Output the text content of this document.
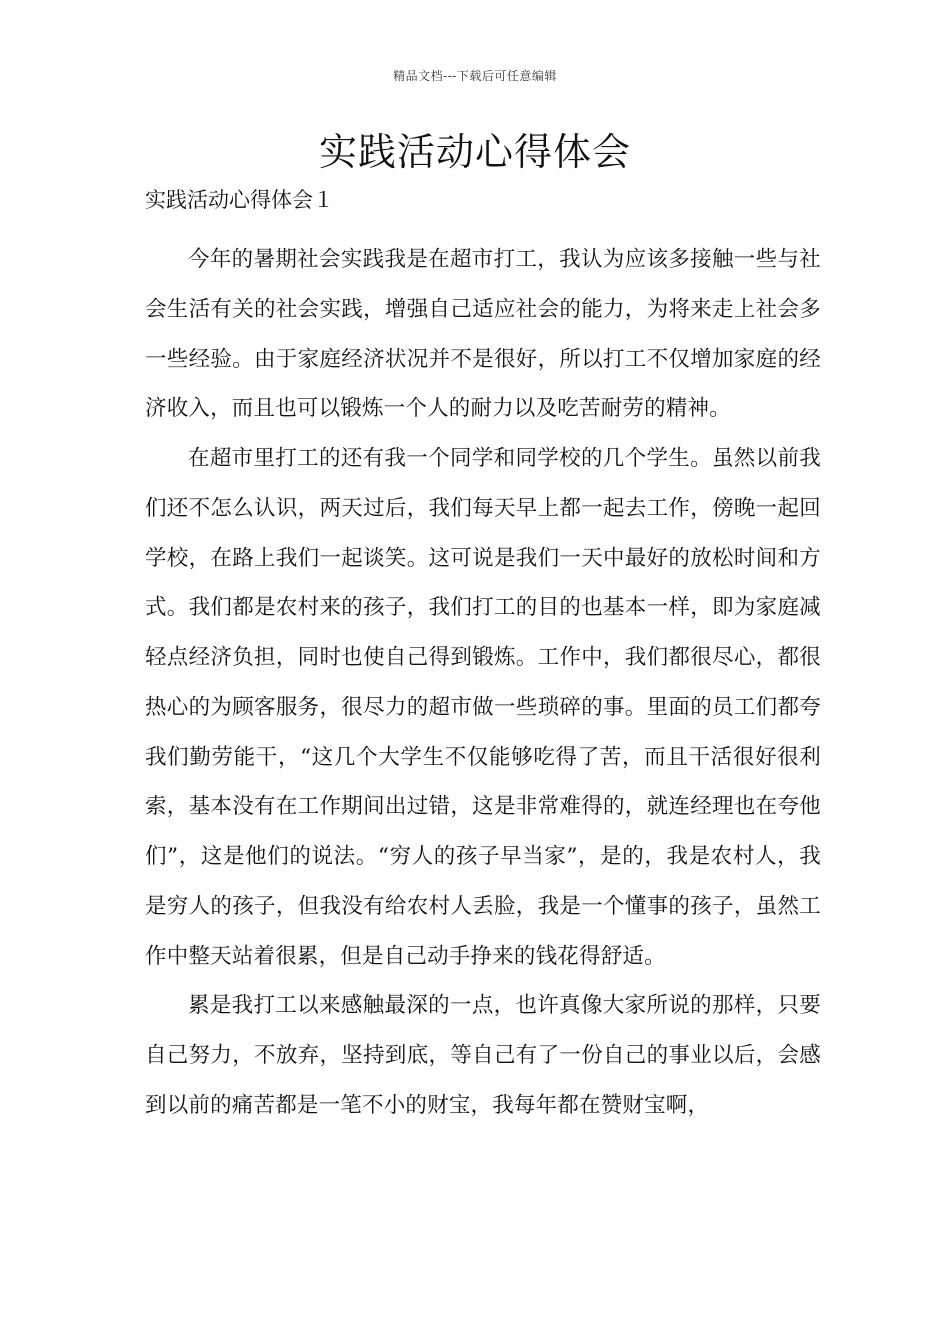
精品文档---下载后可任意编辑
实践活动心得体会
实践活动心得体会１

今年的暑期社会实践我是在超市打工，我认为应该多接触一些与社会生活有关的社会实践，增强自己适应社会的能力，为将来走上社会多一些经验。由于家庭经济状况并不是很好，所以打工不仅增加家庭的经济收入，而且也可以锻炼一个人的耐力以及吃苦耐劳的精神。

在超市里打工的还有我一个同学和同学校的几个学生。虽然以前我们还不怎么认识，两天过后，我们每天早上都一起去工作，傍晚一起回学校，在路上我们一起谈笑。这可说是我们一天中最好的放松时间和方式。我们都是农村来的孩子，我们打工的目的也基本一样，即为家庭减轻点经济负担，同时也使自己得到锻炼。工作中，我们都很尽心，都很热心的为顾客服务，很尽力的超市做一些琐碎的事。里面的员工们都夸我们勤劳能干，“这几个大学生不仅能够吃得了苦，而且干活很好很利索，基本没有在工作期间出过错，这是非常难得的，就连经理也在夸他们”，这是他们的说法。“穷人的孩子早当家”，是的，我是农村人，我是穷人的孩子，但我没有给农村人丢脸，我是一个懂事的孩子，虽然工作中整天站着很累，但是自己动手挣来的钱花得舒适。

累是我打工以来感触最深的一点，也许真像大家所说的那样，只要自己努力，不放弃，坚持到底，等自己有了一份自己的事业以后，会感到以前的痛苦都是一笔不小的财宝，我每年都在赞财宝啊，
